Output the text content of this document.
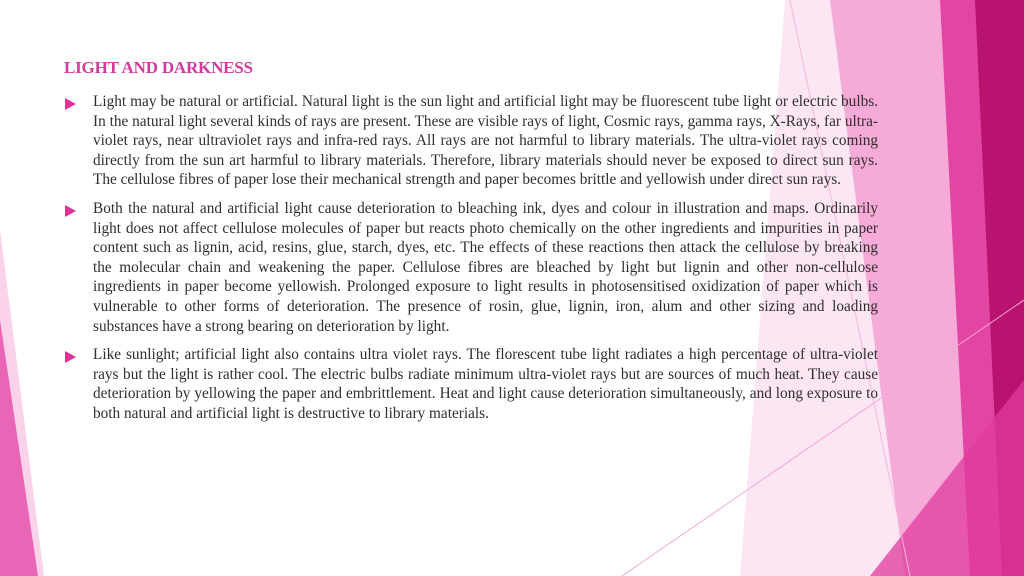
LIGHT AND DARKNESS

Light may be natural or artificial. Natural light is the sun light and artificial light may be fluorescent tube light or electric bulbs. In the natural light several kinds of rays are present. These are visible rays of light, Cosmic rays, gamma rays, X-Rays, far ultra-violet rays, near ultraviolet rays and infra-red rays. All rays are not harmful to library materials. The ultra-violet rays coming directly from the sun art harmful to library materials. Therefore, library materials should never be exposed to direct sun rays. The cellulose fibres of paper lose their mechanical strength and paper becomes brittle and yellowish under direct sun rays.

Both the natural and artificial light cause deterioration to bleaching ink, dyes and colour in illustration and maps. Ordinarily light does not affect cellulose molecules of paper but reacts photo chemically on the other ingredients and impurities in paper content such as lignin, acid, resins, glue, starch, dyes, etc. The effects of these reactions then attack the cellulose by breaking the molecular chain and weakening the paper. Cellulose fibres are bleached by light but lignin and other non-cellulose ingredients in paper become yellowish. Prolonged exposure to light results in photosensitised oxidization of paper which is vulnerable to other forms of deterioration. The presence of rosin, glue, lignin, iron, alum and other sizing and loading substances have a strong bearing on deterioration by light.

Like sunlight; artificial light also contains ultra violet rays. The florescent tube light radiates a high percentage of ultra-violet rays but the light is rather cool. The electric bulbs radiate minimum ultra-violet rays but are sources of much heat. They cause deterioration by yellowing the paper and embrittlement. Heat and light cause deterioration simultaneously, and long exposure to both natural and artificial light is destructive to library materials.
